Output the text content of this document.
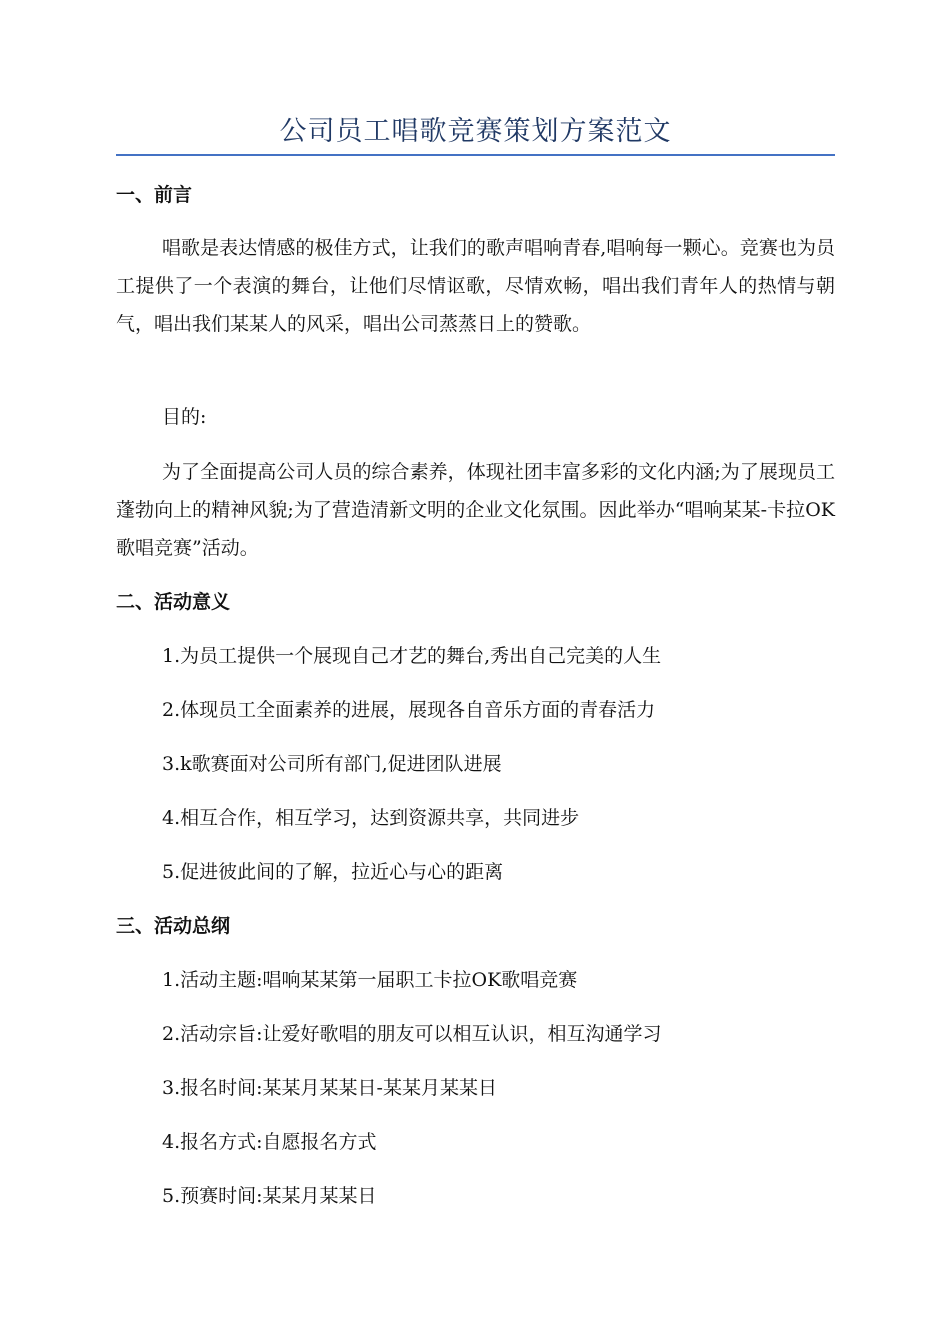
公司员工唱歌竞赛策划方案范文
一、前言
唱歌是表达情感的极佳方式，让我们的歌声唱响青春,唱响每一颗心。竞赛也为员工提供了一个表演的舞台，让他们尽情讴歌，尽情欢畅，唱出我们青年人的热情与朝气，唱出我们某某人的风采，唱出公司蒸蒸日上的赞歌。
目的:
为了全面提高公司人员的综合素养，体现社团丰富多彩的文化内涵;为了展现员工蓬勃向上的精神风貌;为了营造清新文明的企业文化氛围。因此举办“唱响某某-卡拉OK歌唱竞赛”活动。
二、活动意义
1.为员工提供一个展现自己才艺的舞台,秀出自己完美的人生
2.体现员工全面素养的进展，展现各自音乐方面的青春活力
3.k歌赛面对公司所有部门,促进团队进展
4.相互合作，相互学习，达到资源共享，共同进步
5.促进彼此间的了解，拉近心与心的距离
三、活动总纲
1.活动主题:唱响某某第一届职工卡拉OK歌唱竞赛
2.活动宗旨:让爱好歌唱的朋友可以相互认识，相互沟通学习
3.报名时间:某某月某某日-某某月某某日
4.报名方式:自愿报名方式
5.预赛时间:某某月某某日
